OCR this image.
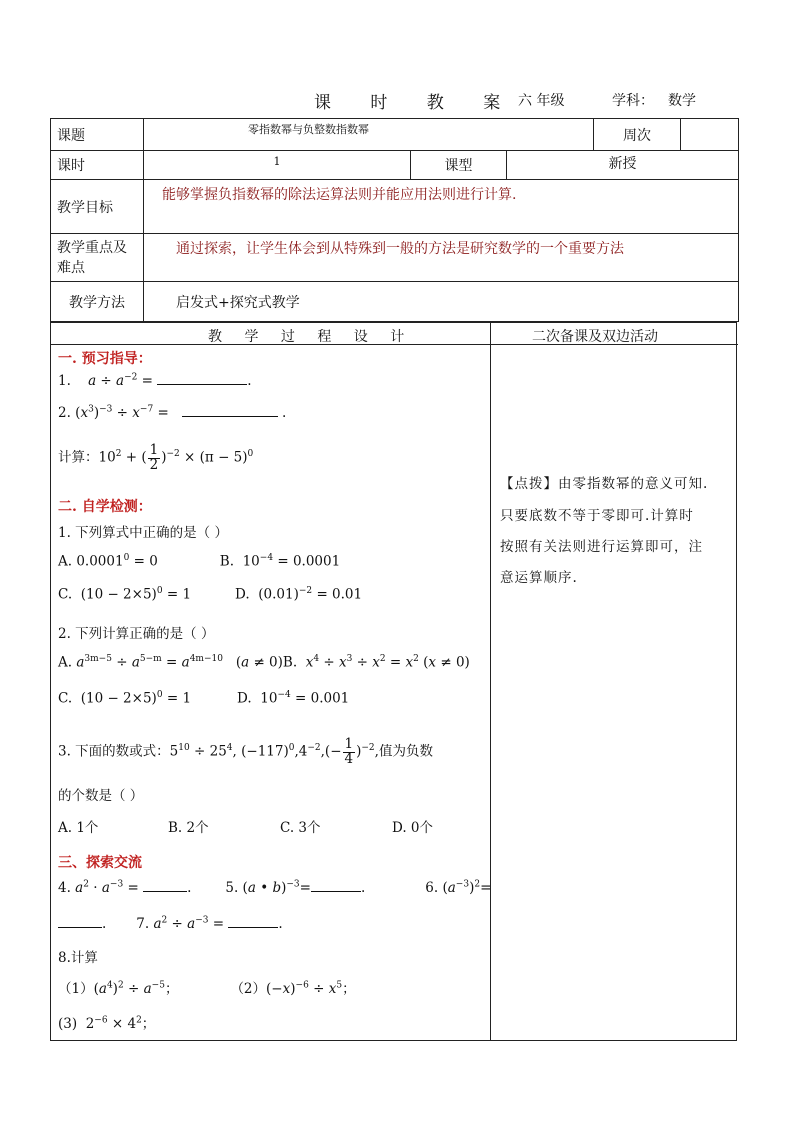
课 时 教 案 六 年级	学科： 数学
课题	零指数幂与负整数指数幂			周次

课时	1	课型	新授	
教学目标	能够掌握负指数幂的除法运算法则并能应用法则进行计算.			
教学重点及难点	通过探索，让学生体会到从特殊到一般的方法是研究数学的一个重要方法			
教学方法	启发式+探究式教学			
教 学 过 程 设 计	二次备课及双边活动
一. 预习指导：
1. $a \div a^{-2}$ =	.
2. $(x^3)^{-3} \div x^{-7}$ =	.
计算：$10^2$ + ( $\frac{1}{2} )^{-2} \times (\pi - 5)^0$
二. 自学检测：
1. 下列算式中正确的是（ ）
A. $0.0001^0 = 0$	B.  $10^{-4} = 0.0001$
C.  $(10 - 2\times 5)^0 = 1$	D.  $(0.01)^{-2} = 0.01$
2. 下列计算正确的是（ ）
A. $a^{3m-5} \div a^{5-m} = a^{4m-10}$   (a ≠ 0)B.  $x^4 \div x^3 \div x^2 = x^2$ (x ≠ 0)
C.  $(10 - 2\times 5)^0 = 1$	D.  $10^{-4} = 0.001$
3. 下面的数或式：$5^{10} \div 25^4$, $(-117)^0,4^{-2},(- \frac{1}{4} )^{-2}$,值为负数
的个数是（ ）
A. 1个	B. 2个	C. 3个	D. 0个
三、探索交流
4. $a^2 \cdot a^{-3}$ =	.	5. (a • b)$^{-3}$=	.	6. $(a^{-3})^2=$
. 7. $a^2 \div a^{-3}$ =	.
8.计算
$(1)(a^4)^2 \div a^{-5}$；	$(2)(-x)^{-6} \div x^5$；
(3)  $2^{-6} \times 4^2$；
【点拨】由零指数幂的意义可知.
只要底数不等于零即可.计算时
按照有关法则进行运算即可，注
意运算顺序.
